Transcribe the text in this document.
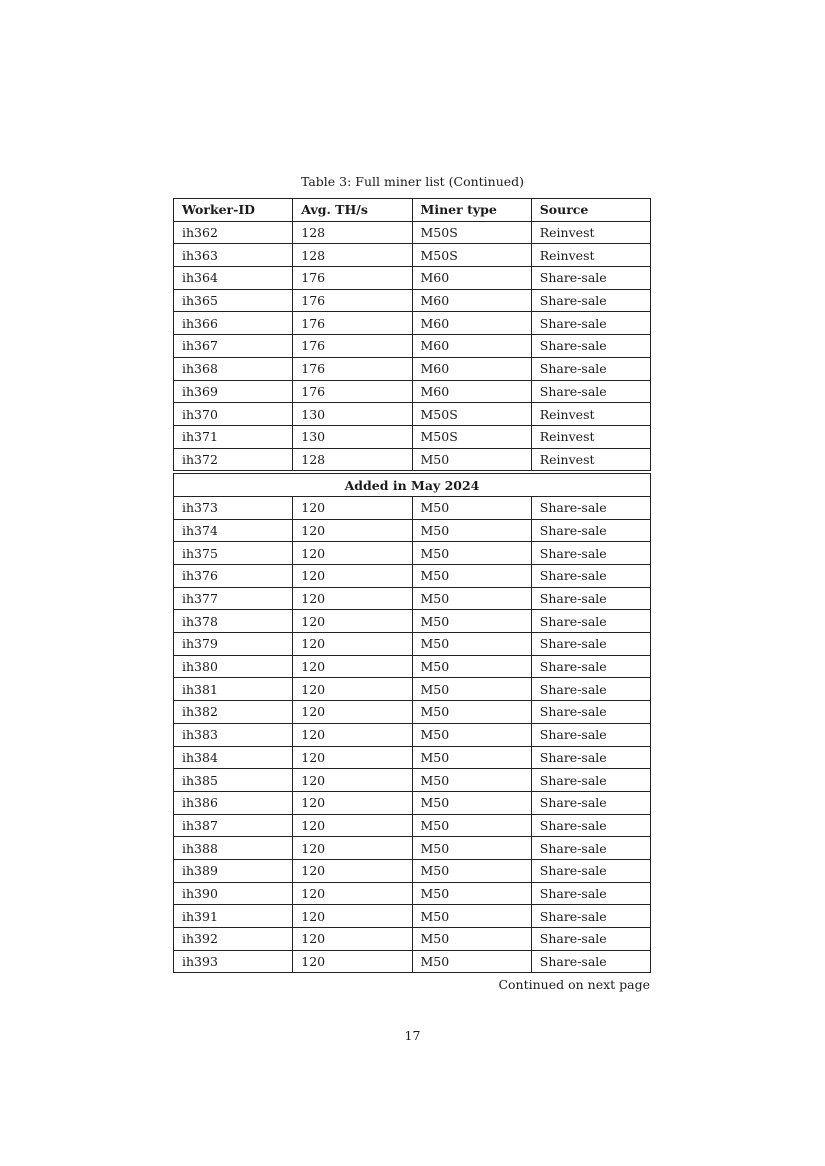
Table 3: Full miner list (Continued)
Worker-ID	Avg. TH/s	Miner type	Source
ih362	128	M50S	Reinvest
ih363	128	M50S	Reinvest
ih364	176	M60	Share-sale
ih365	176	M60	Share-sale
ih366	176	M60	Share-sale
ih367	176	M60	Share-sale
ih368	176	M60	Share-sale
ih369	176	M60	Share-sale
ih370	130	M50S	Reinvest
ih371	130	M50S	Reinvest
ih372	128	M50	Reinvest

Added in May 2024			
ih373	120	M50	Share-sale
ih374	120	M50	Share-sale
ih375	120	M50	Share-sale
ih376	120	M50	Share-sale
ih377	120	M50	Share-sale
ih378	120	M50	Share-sale
ih379	120	M50	Share-sale
ih380	120	M50	Share-sale
ih381	120	M50	Share-sale
ih382	120	M50	Share-sale
ih383	120	M50	Share-sale
ih384	120	M50	Share-sale
ih385	120	M50	Share-sale
ih386	120	M50	Share-sale
ih387	120	M50	Share-sale
ih388	120	M50	Share-sale
ih389	120	M50	Share-sale
ih390	120	M50	Share-sale
ih391	120	M50	Share-sale
ih392	120	M50	Share-sale
ih393	120	M50	Share-sale
Continued on next page
17
